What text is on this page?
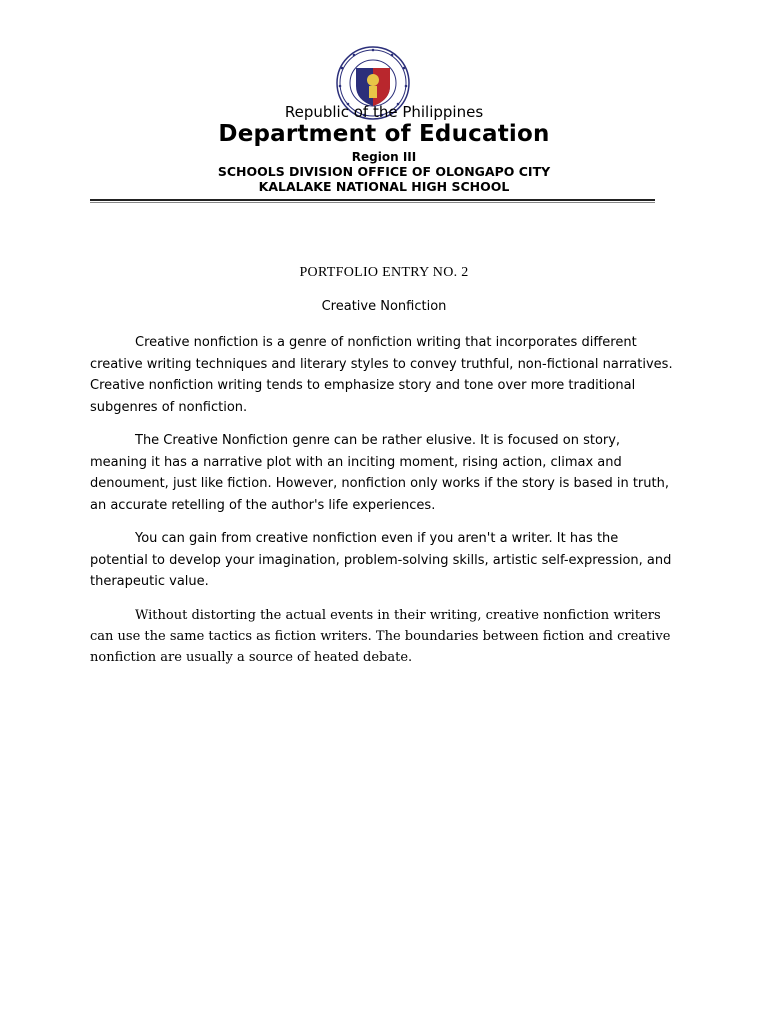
Republic of the Philippines
Department of Education
Region III
SCHOOLS DIVISION OFFICE OF OLONGAPO CITY
KALALAKE NATIONAL HIGH SCHOOL
PORTFOLIO ENTRY NO. 2
Creative Nonfiction

Creative nonfiction is a genre of nonfiction writing that incorporates different creative writing techniques and literary styles to convey truthful, non-fictional narratives. Creative nonfiction writing tends to emphasize story and tone over more traditional subgenres of nonfiction.

The Creative Nonfiction genre can be rather elusive. It is focused on story, meaning it has a narrative plot with an inciting moment, rising action, climax and denoument, just like fiction. However, nonfiction only works if the story is based in truth, an accurate retelling of the author's life experiences.

You can gain from creative nonfiction even if you aren't a writer. It has the potential to develop your imagination, problem-solving skills, artistic self-expression, and therapeutic value.

Without distorting the actual events in their writing, creative nonfiction writers can use the same tactics as fiction writers. The boundaries between fiction and creative nonfiction are usually a source of heated debate.
